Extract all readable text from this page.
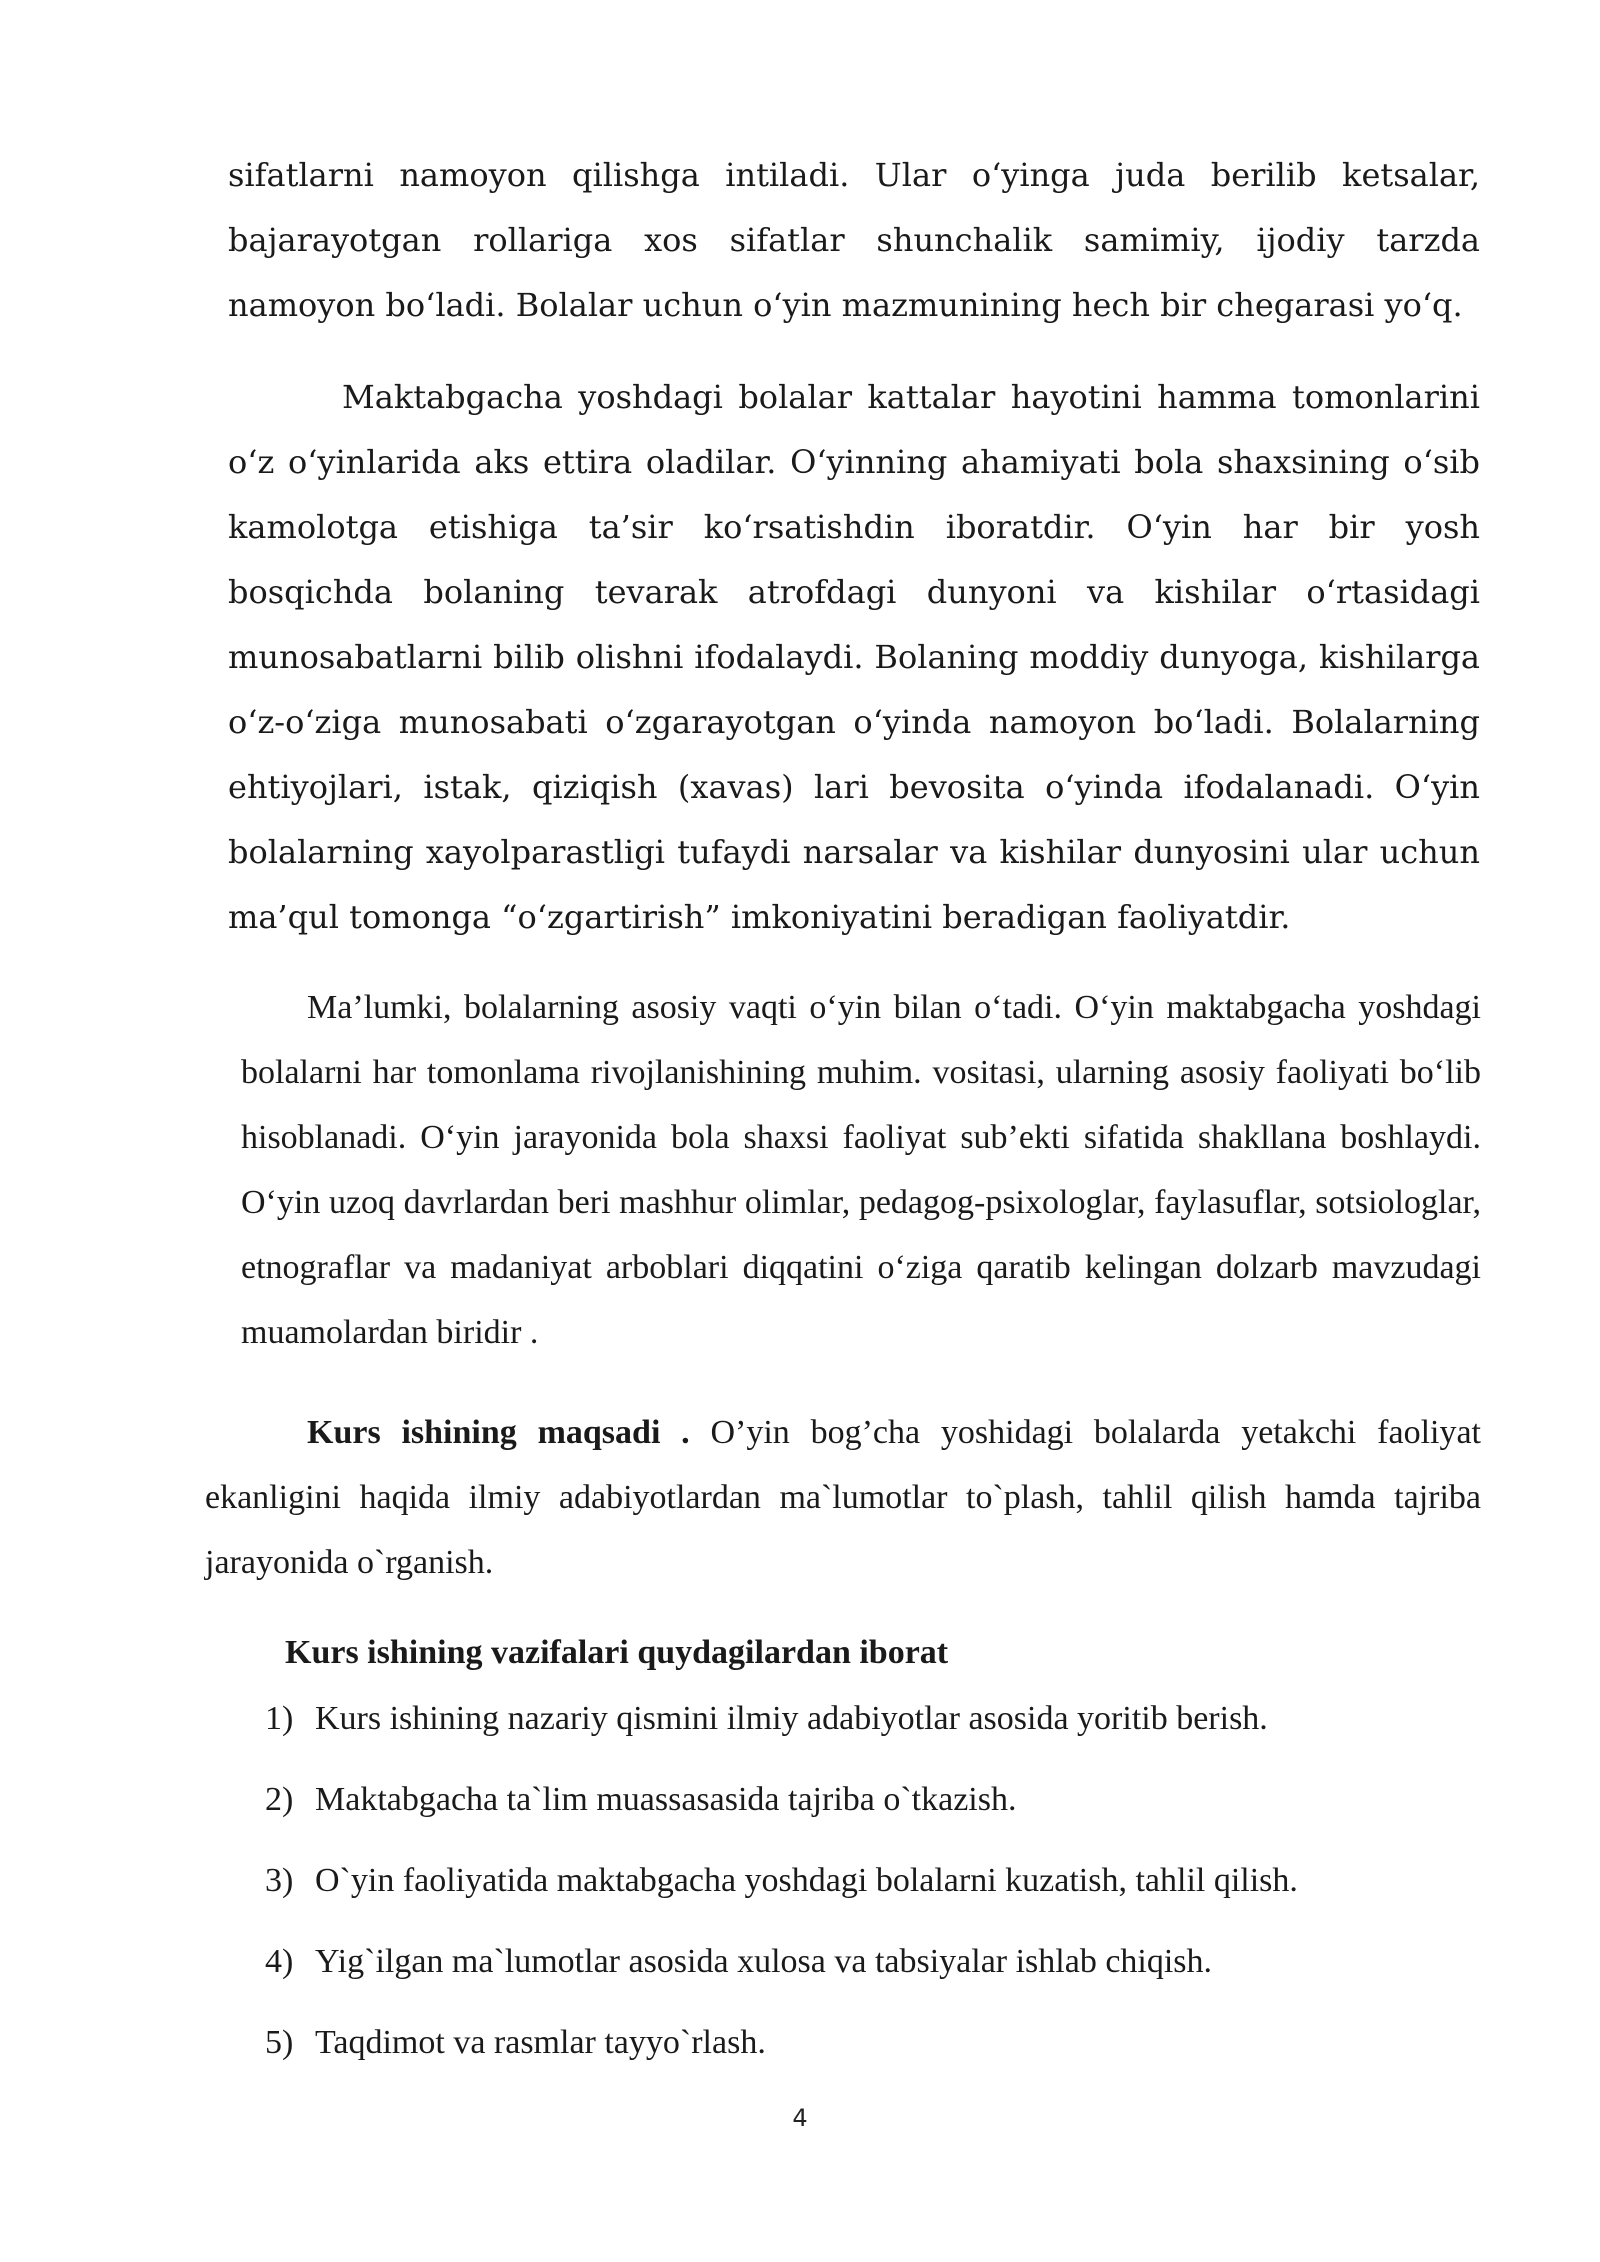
sifatlarni namoyon qilishga intiladi. Ular o‘yinga juda berilib ketsalar, bajarayotgan rollariga xos sifatlar shunchalik samimiy, ijodiy tarzda namoyon bo‘ladi. Bolalar uchun o‘yin mazmunining hech bir chegarasi yo‘q.

Maktabgacha yoshdagi bolalar kattalar hayotini hamma tomonlarini o‘z o‘yinlarida aks ettira oladilar. O‘yinning ahamiyati bola shaxsining o‘sib kamolotga etishiga ta’sir ko‘rsatishdin iboratdir. O‘yin har bir yosh bosqichda bolaning tevarak atrofdagi dunyoni va kishilar o‘rtasidagi munosabatlarni bilib olishni ifodalaydi. Bolaning moddiy dunyoga, kishilarga o‘z-o‘ziga munosabati o‘zgarayotgan o‘yinda namoyon bo‘ladi. Bolalarning ehtiyojlari, istak, qiziqish (xavas) lari bevosita o‘yinda ifodalanadi. O‘yin bolalarning xayolparastligi tufaydi narsalar va kishilar dunyosini ular uchun ma’qul tomonga “o‘zgartirish” imkoniyatini beradigan faoliyatdir.

Ma’lumki, bolalarning asosiy vaqti o‘yin bilan o‘tadi. O‘yin maktabgacha yoshdagi bolalarni har tomonlama rivojlanishining muhim. vositasi, ularning asosiy faoliyati bo‘lib hisoblanadi. O‘yin jarayonida bola shaxsi faoliyat sub’ekti sifatida shakllana boshlaydi. O‘yin uzoq davrlardan beri mashhur olimlar, pedagog-psixologlar, faylasuflar, sotsiologlar, etnograflar va madaniyat arboblari diqqatini o‘ziga qaratib kelingan dolzarb mavzudagi muamolardan biridir .

Kurs ishining maqsadi . O’yin bog’cha yoshidagi bolalarda yetakchi faoliyat ekanligini haqida ilmiy adabiyotlardan ma`lumotlar to`plash, tahlil qilish hamda tajriba jarayonida o`rganish.

Kurs ishining vazifalari quydagilardan iborat
1) Kurs ishining nazariy qismini ilmiy adabiyotlar asosida yoritib berish.
2) Maktabgacha ta`lim muassasasida tajriba o`tkazish.
3) O`yin faoliyatida maktabgacha yoshdagi bolalarni kuzatish, tahlil qilish.
4) Yig`ilgan ma`lumotlar asosida xulosa va tabsiyalar ishlab chiqish.
5) Taqdimot va rasmlar tayyo`rlash.
4
